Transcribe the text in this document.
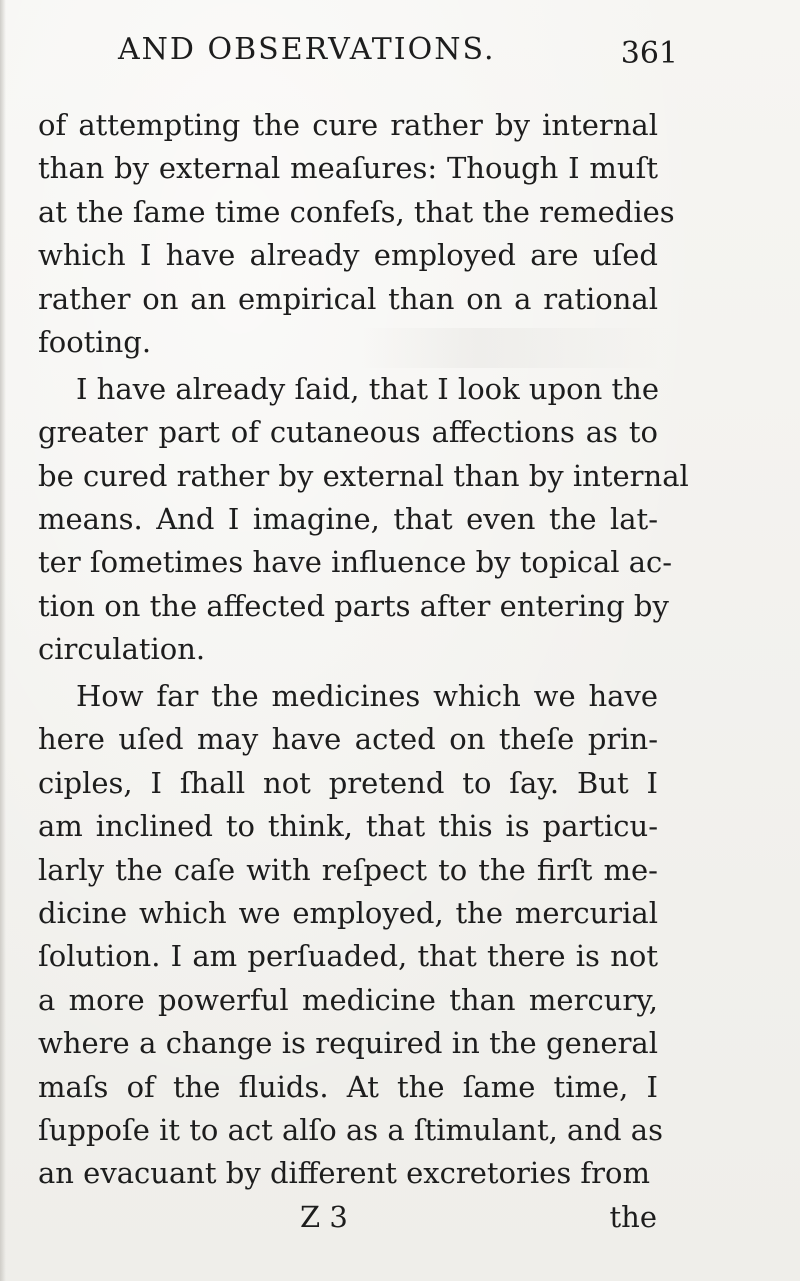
AND OBSERVATIONS.	361
of attempting the cure rather by internal
than by external meaſures: Though I muſt
at the ſame time confeſs, that the remedies
which I have already employed are uſed
rather on an empirical than on a rational
footing.
I have already ſaid, that I look upon the
greater part of cutaneous affections as to
be cured rather by external than by internal
means. And I imagine, that even the lat-
ter ſometimes have influence by topical ac-
tion on the affected parts after entering by
circulation.
How far the medicines which we have
here uſed may have acted on theſe prin-
ciples, I ſhall not pretend to ſay. But I
am inclined to think, that this is particu-
larly the caſe with reſpect to the firſt me-
dicine which we employed, the mercurial
ſolution. I am perſuaded, that there is not
a more powerful medicine than mercury,
where a change is required in the general
maſs of the fluids. At the ſame time, I
ſuppoſe it to act alſo as a ſtimulant, and as
an evacuant by different excretories from
Z 3	the
